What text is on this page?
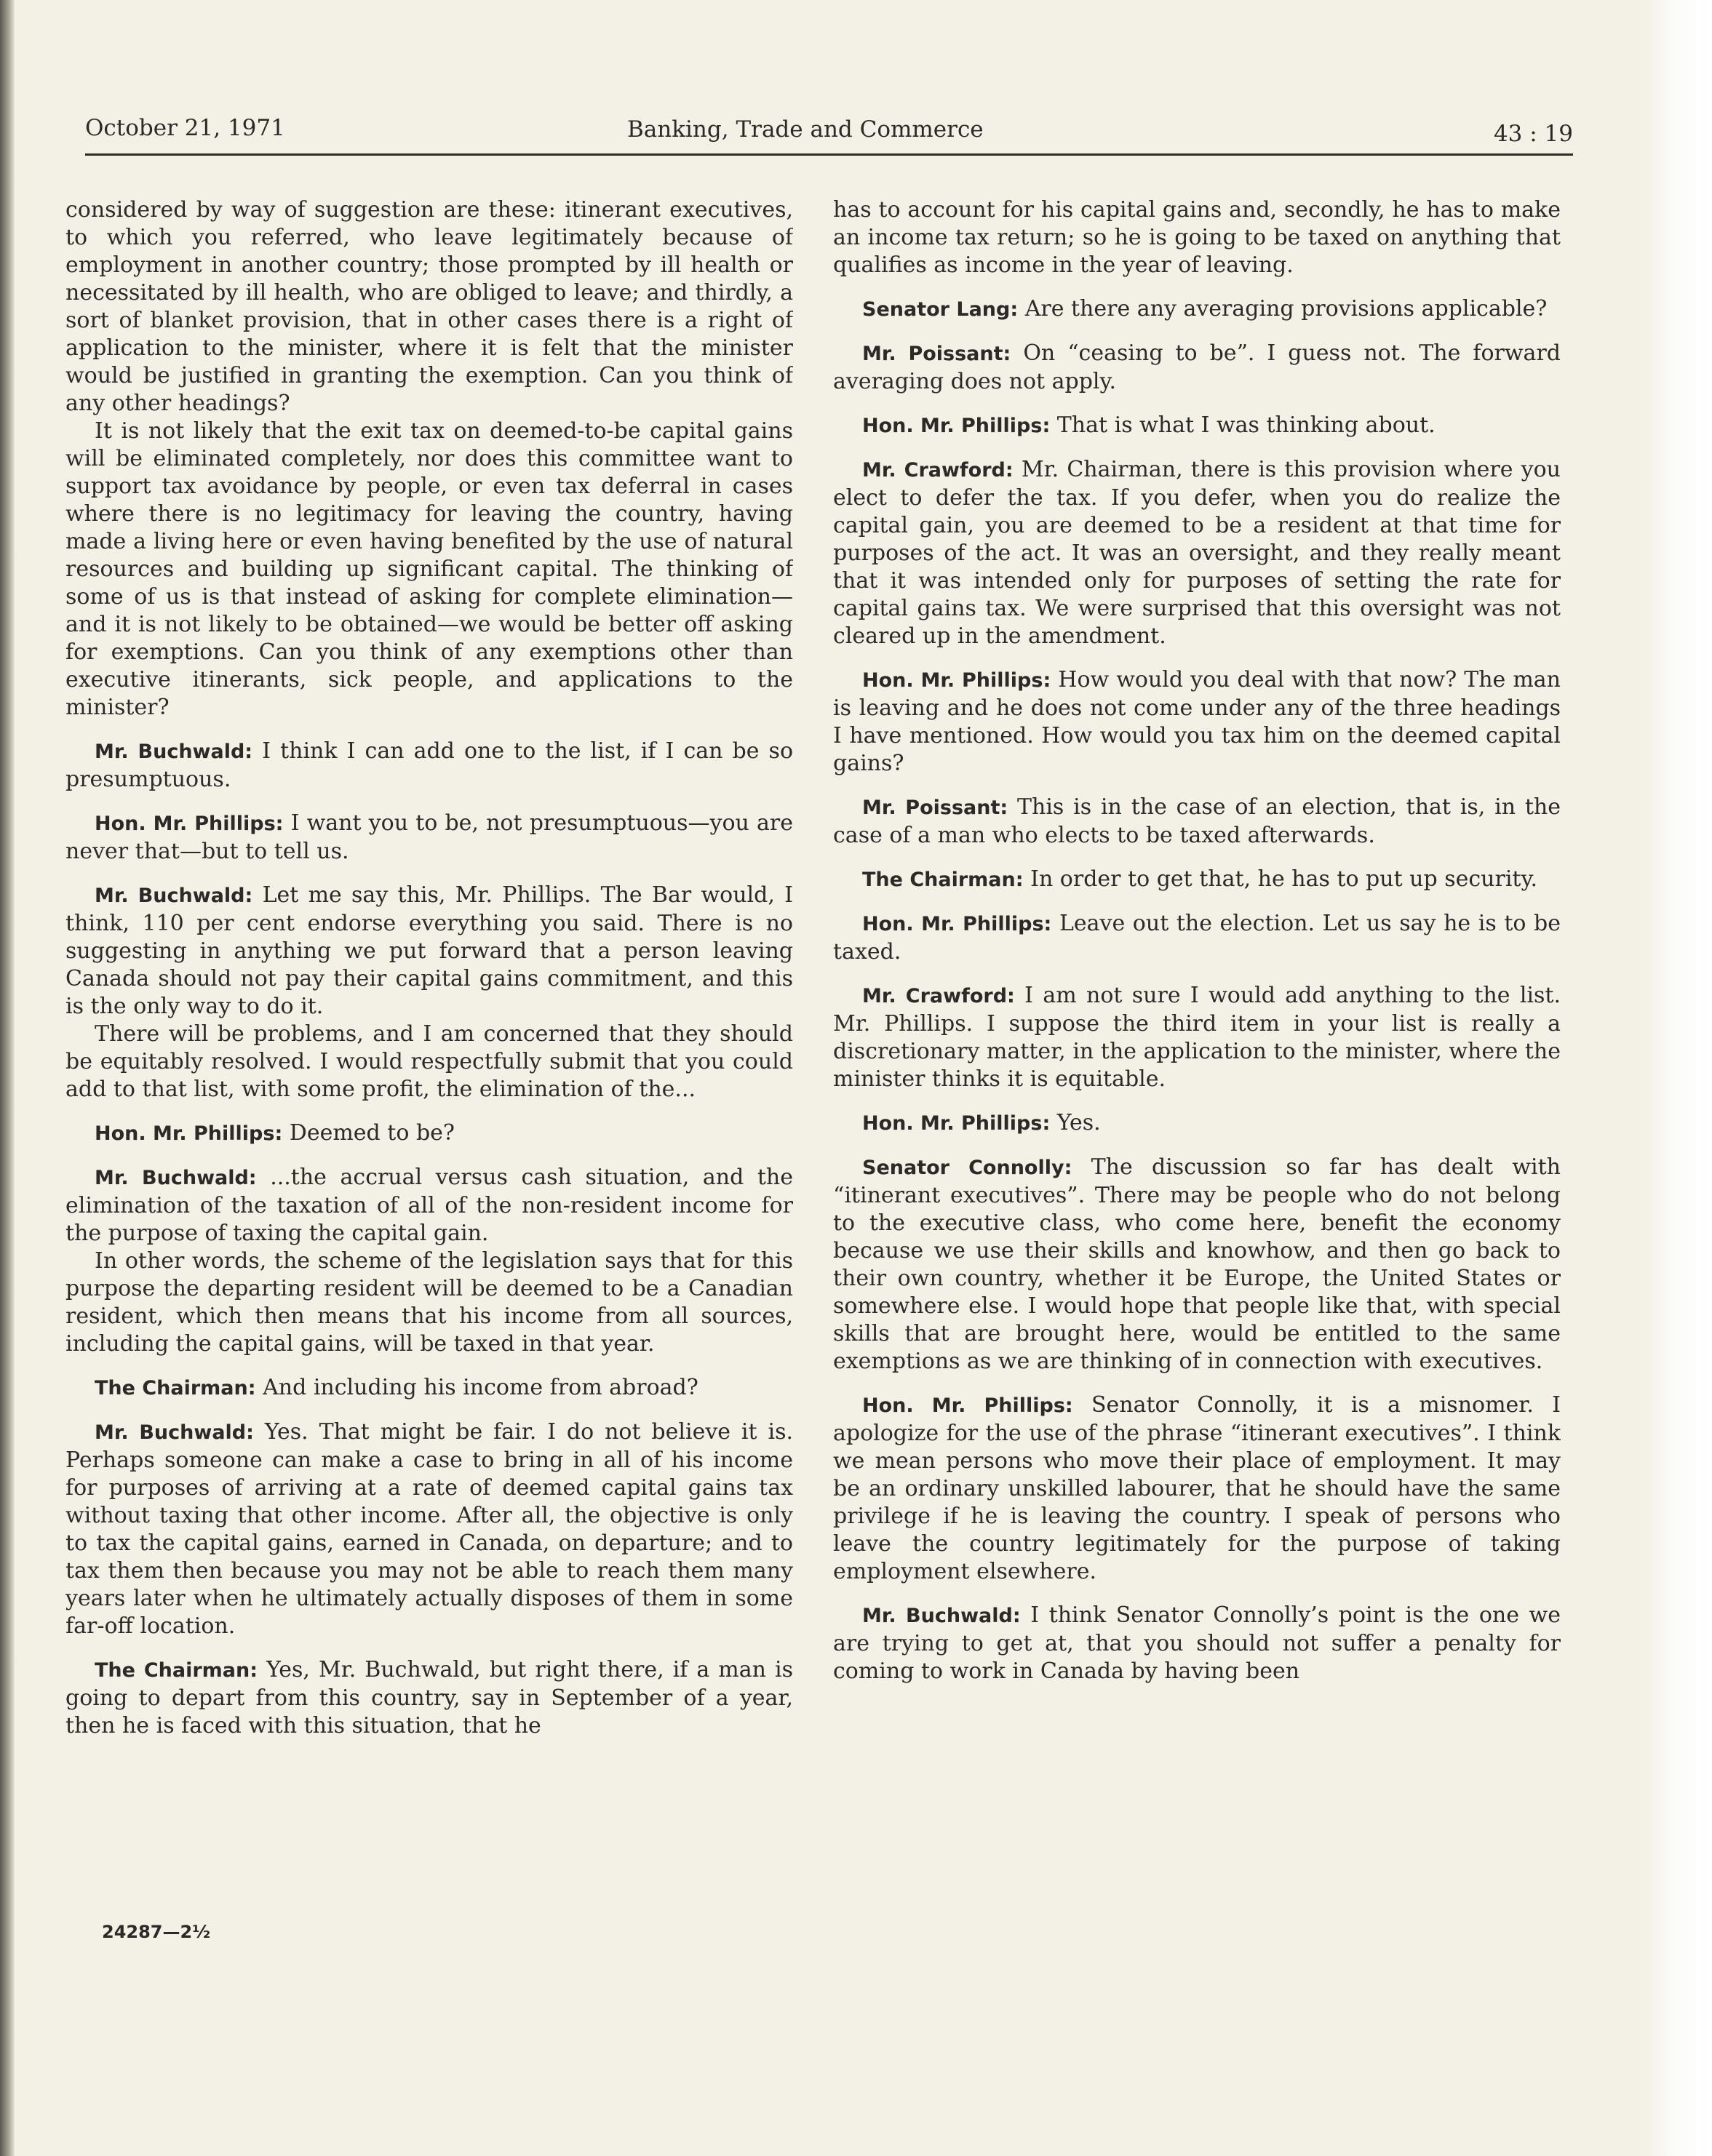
October 21, 1971	Banking, Trade and Commerce	43 : 19

considered by way of suggestion are these: itinerant executives, to which you referred, who leave legitimately because of employment in another country; those prompted by ill health or necessitated by ill health, who are obliged to leave; and thirdly, a sort of blanket provision, that in other cases there is a right of application to the minister, where it is felt that the minister would be justified in granting the exemption. Can you think of any other headings?

It is not likely that the exit tax on deemed-to-be capital gains will be eliminated completely, nor does this committee want to support tax avoidance by people, or even tax deferral in cases where there is no legitimacy for leaving the country, having made a living here or even having benefited by the use of natural resources and building up significant capital. The thinking of some of us is that instead of asking for complete elimination—and it is not likely to be obtained—we would be better off asking for exemptions. Can you think of any exemptions other than executive itinerants, sick people, and applications to the minister?

Mr. Buchwald: I think I can add one to the list, if I can be so presumptuous.

Hon. Mr. Phillips: I want you to be, not presumptuous—you are never that—but to tell us.

Mr. Buchwald: Let me say this, Mr. Phillips. The Bar would, I think, 110 per cent endorse everything you said. There is no suggesting in anything we put forward that a person leaving Canada should not pay their capital gains commitment, and this is the only way to do it.

There will be problems, and I am concerned that they should be equitably resolved. I would respectfully submit that you could add to that list, with some profit, the elimination of the...

Hon. Mr. Phillips: Deemed to be?

Mr. Buchwald: ...the accrual versus cash situation, and the elimination of the taxation of all of the non-resident income for the purpose of taxing the capital gain.

In other words, the scheme of the legislation says that for this purpose the departing resident will be deemed to be a Canadian resident, which then means that his income from all sources, including the capital gains, will be taxed in that year.

The Chairman: And including his income from abroad?

Mr. Buchwald: Yes. That might be fair. I do not believe it is. Perhaps someone can make a case to bring in all of his income for purposes of arriving at a rate of deemed capital gains tax without taxing that other income. After all, the objective is only to tax the capital gains, earned in Canada, on departure; and to tax them then because you may not be able to reach them many years later when he ultimately actually disposes of them in some far-off location.

The Chairman: Yes, Mr. Buchwald, but right there, if a man is going to depart from this country, say in September of a year, then he is faced with this situation, that he

has to account for his capital gains and, secondly, he has to make an income tax return; so he is going to be taxed on anything that qualifies as income in the year of leaving.

Senator Lang: Are there any averaging provisions applicable?

Mr. Poissant: On “ceasing to be”. I guess not. The forward averaging does not apply.

Hon. Mr. Phillips: That is what I was thinking about.

Mr. Crawford: Mr. Chairman, there is this provision where you elect to defer the tax. If you defer, when you do realize the capital gain, you are deemed to be a resident at that time for purposes of the act. It was an oversight, and they really meant that it was intended only for purposes of setting the rate for capital gains tax. We were surprised that this oversight was not cleared up in the amendment.

Hon. Mr. Phillips: How would you deal with that now? The man is leaving and he does not come under any of the three headings I have mentioned. How would you tax him on the deemed capital gains?

Mr. Poissant: This is in the case of an election, that is, in the case of a man who elects to be taxed afterwards.

The Chairman: In order to get that, he has to put up security.

Hon. Mr. Phillips: Leave out the election. Let us say he is to be taxed.

Mr. Crawford: I am not sure I would add anything to the list. Mr. Phillips. I suppose the third item in your list is really a discretionary matter, in the application to the minister, where the minister thinks it is equitable.

Hon. Mr. Phillips: Yes.

Senator Connolly: The discussion so far has dealt with “itinerant executives”. There may be people who do not belong to the executive class, who come here, benefit the economy because we use their skills and knowhow, and then go back to their own country, whether it be Europe, the United States or somewhere else. I would hope that people like that, with special skills that are brought here, would be entitled to the same exemptions as we are thinking of in connection with executives.

Hon. Mr. Phillips: Senator Connolly, it is a misnomer. I apologize for the use of the phrase “itinerant executives”. I think we mean persons who move their place of employment. It may be an ordinary unskilled labourer, that he should have the same privilege if he is leaving the country. I speak of persons who leave the country legitimately for the purpose of taking employment elsewhere.

Mr. Buchwald: I think Senator Connolly’s point is the one we are trying to get at, that you should not suffer a penalty for coming to work in Canada by having been

24287—2½
